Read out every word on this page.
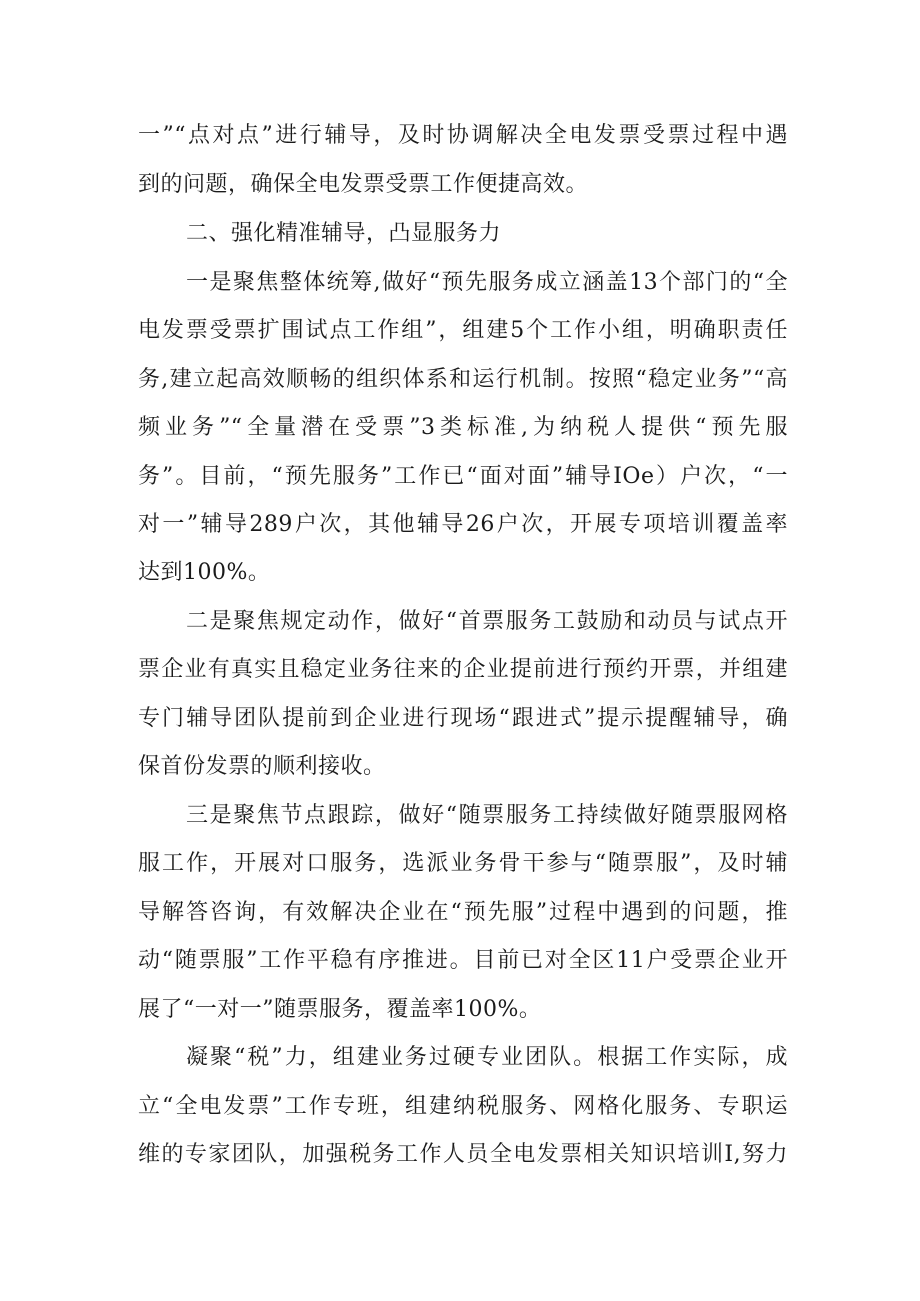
一”“点对点”进行辅导，及时协调解决全电发票受票过程中遇
到的问题，确保全电发票受票工作便捷高效。
二、强化精准辅导，凸显服务力
一是聚焦整体统筹,做好“预先服务成立涵盖13个部门的“全
电发票受票扩围试点工作组”，组建5个工作小组，明确职责任
务,建立起高效顺畅的组织体系和运行机制。按照“稳定业务”“高
频业务”“全量潜在受票”3类标准,为纳税人提供“预先服
务”。目前，“预先服务”工作已“面对面”辅导IOe）户次，“一
对一”辅导289户次，其他辅导26户次，开展专项培训覆盖率
达到100%。
二是聚焦规定动作，做好“首票服务工鼓励和动员与试点开
票企业有真实且稳定业务往来的企业提前进行预约开票，并组建
专门辅导团队提前到企业进行现场“跟进式”提示提醒辅导，确
保首份发票的顺利接收。
三是聚焦节点跟踪，做好“随票服务工持续做好随票服网格
服工作，开展对口服务，选派业务骨干参与“随票服”，及时辅
导解答咨询，有效解决企业在“预先服”过程中遇到的问题，推
动“随票服”工作平稳有序推进。目前已对全区11户受票企业开
展了“一对一”随票服务，覆盖率100%。
凝聚“税”力，组建业务过硬专业团队。根据工作实际，成
立“全电发票”工作专班，组建纳税服务、网格化服务、专职运
维的专家团队，加强税务工作人员全电发票相关知识培训I,努力
